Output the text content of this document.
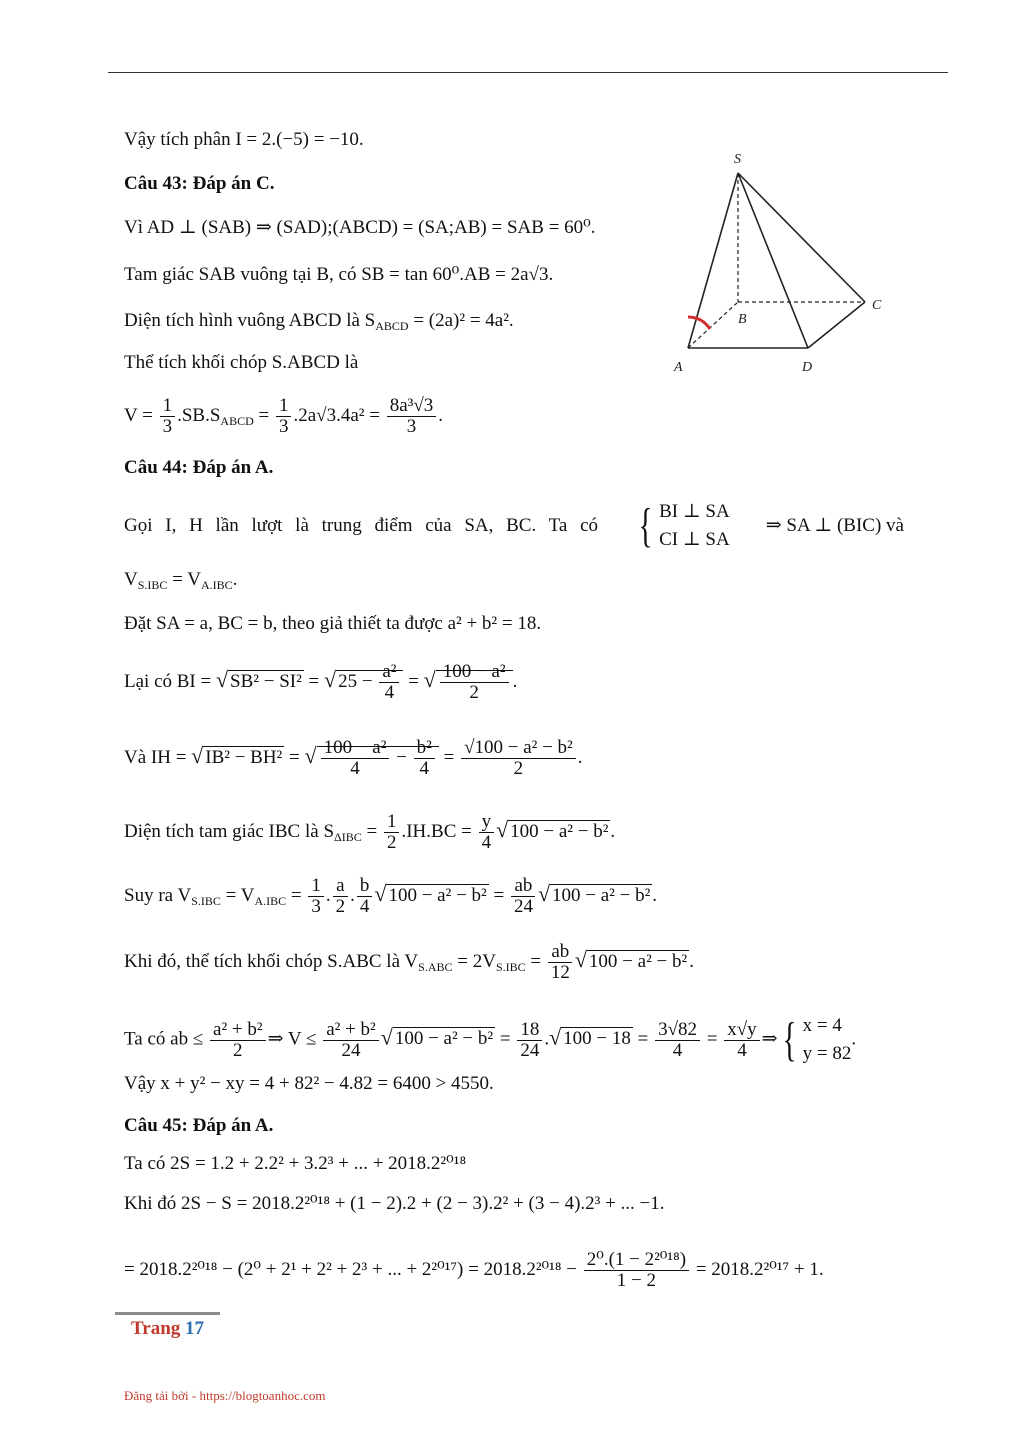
Vậy tích phân I = 2.(−5) = −10.
Câu 43: Đáp án C.
Vì AD ⊥ (SAB) ⇒ (SAD);(ABCD) = (SA;AB) = SAB = 60⁰.
Tam giác SAB vuông tại B, có SB = tan 60⁰.AB = 2a√3.
Diện tích hình vuông ABCD là $S_{ABCD} = (2a)^2 = 4a^2$.
Thể tích khối chóp S.ABCD là
$V = \frac{1}{3} .SB.S_{ABCD} = \frac{1}{3} .2a√3.4a^2 = \frac{\text{8a³√3}}{3}$ .
S
A
B
C
D
Câu 44: Đáp án A.
Gọi I, H lần lượt là trung điểm của SA, BC. Ta có { BI ⊥ SA
CI ⊥ SA
⇒ SA ⊥ (BIC) và
$V_{S.IBC} = V_{A.IBC}$.
Đặt SA = a, BC = b, theo giả thiết ta được a² + b² = 18.
Lại có BI = √ SB² − SI² = √ $25 - \frac{\text{a²}}{4}$ = √ $\frac{\text{100 − a²}}{2}$ .
Và IH = √ IB² − BH² = √ $\frac{\text{100 − a²}}{4} - \frac{\text{b²}}{4} = \frac{\text{√100 − a² − b²}}{2}$ .
Diện tích tam giác IBC là $S_{\Delta IBC} = \frac{1}{2} .IH.BC = \frac{y}{4}$ √ 100 − a² − b² .
Suy ra $V_{S.IBC} = V_{A.IBC} = \frac{1}{3}$ . $\frac{a}{2}$ . $\frac{b}{4}$ √ $100 - a^2 - b^2 = \frac{ab}{24}$ √ 100 − a² − b² .
Khi đó, thể tích khối chóp S.ABC là $V_{S.ABC} = 2V_{S.IBC} = \frac{ab}{12}$ √ 100 − a² − b² .
Ta có ab ≤ $\frac{\text{a² + b²}}{2}$ ⇒ $V \le \frac{\text{a² + b²}}{24}$ √ $100 - a^2 - b^2 = \frac{18}{24}$ .√ $100 - 18 = \frac{3√82}{4} = \frac{x√y}{4}$ ⇒ { x = 4
y = 82
.
Vậy x + y² − xy = 4 + 82² − 4.82 = 6400 > 4550.
Câu 45: Đáp án A.
Ta có 2S = 1.2 + 2.2² + 3.2³ + ... + 2018.2²⁰¹⁸
Khi đó 2S − S = 2018.2²⁰¹⁸ + (1 − 2).2 + (2 − 3).2² + (3 − 4).2³ + ... −1.
= 2018.2²⁰¹⁸ − (2⁰ + 2¹ + 2² + 2³ + ... + $2^{2017}) = 2018.2^{2018} - \frac{\text{2⁰.(1 − 2²⁰¹⁸)}}{1 - 2} = 2018.2^{2017} + 1$.
Trang 17
Đăng tải bởi - https://blogtoanhoc.com
